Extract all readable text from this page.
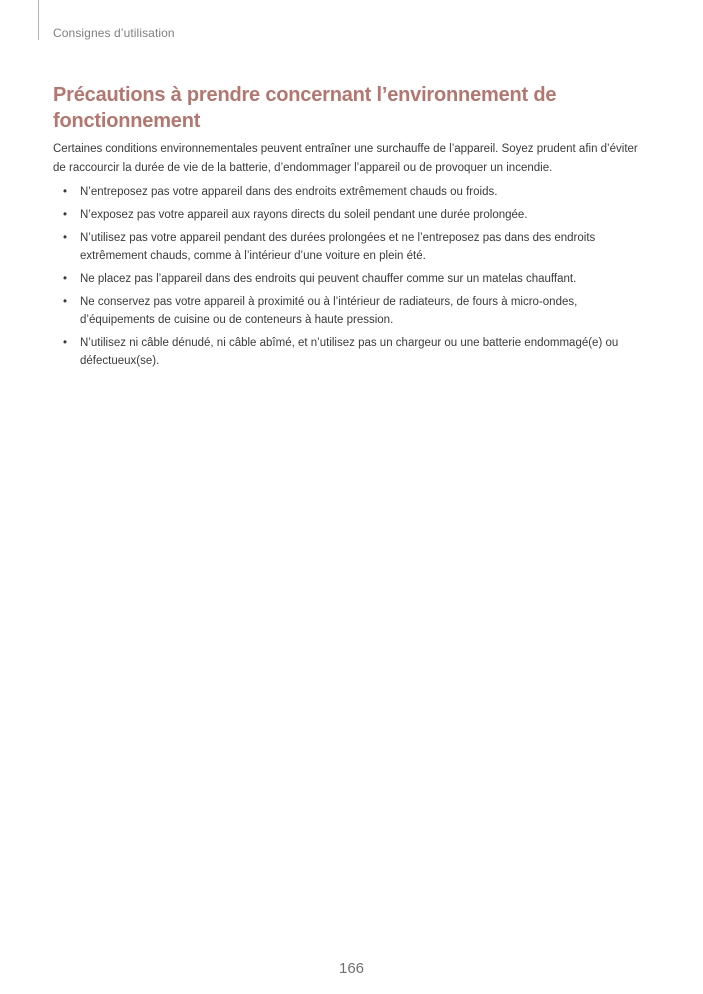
Consignes d’utilisation
Précautions à prendre concernant l’environnement de fonctionnement

Certaines conditions environnementales peuvent entraîner une surchauffe de l’appareil. Soyez prudent afin d’éviter de raccourcir la durée de vie de la batterie, d’endommager l’appareil ou de provoquer un incendie.

• N’entreposez pas votre appareil dans des endroits extrêmement chauds ou froids.
• N’exposez pas votre appareil aux rayons directs du soleil pendant une durée prolongée.
• N’utilisez pas votre appareil pendant des durées prolongées et ne l’entreposez pas dans des endroits extrêmement chauds, comme à l’intérieur d’une voiture en plein été.
• Ne placez pas l’appareil dans des endroits qui peuvent chauffer comme sur un matelas chauffant.
• Ne conservez pas votre appareil à proximité ou à l’intérieur de radiateurs, de fours à micro-ondes, d’équipements de cuisine ou de conteneurs à haute pression.
• N’utilisez ni câble dénudé, ni câble abîmé, et n’utilisez pas un chargeur ou une batterie endommagé(e) ou défectueux(se).
166
